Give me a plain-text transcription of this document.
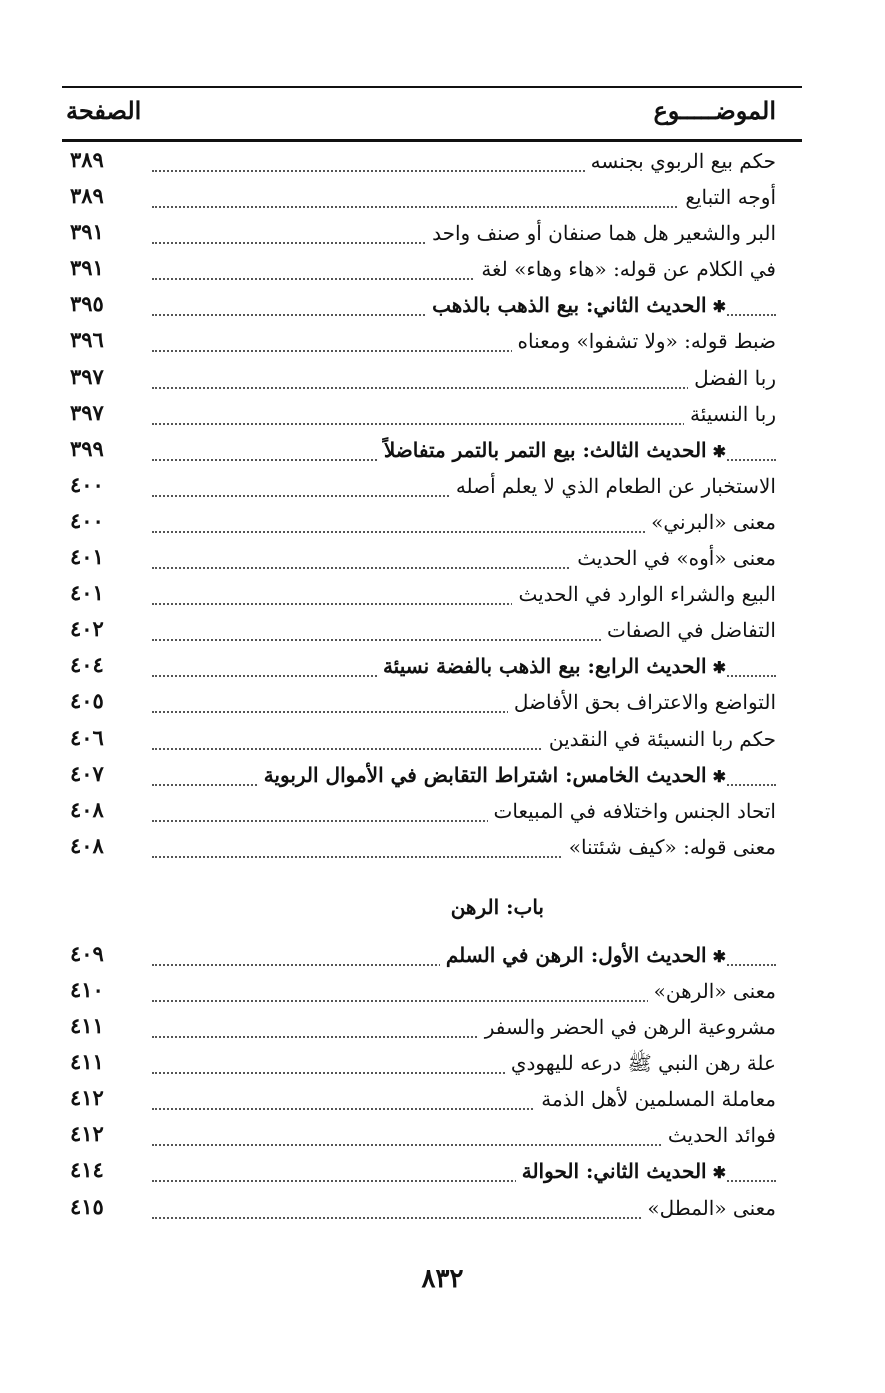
الموضـــــوع
الصفحة
حكم بيع الربوي بجنسه
٣٨٩
أوجه التبايع
٣٨٩
البر والشعير هل هما صنفان أو صنف واحد
٣٩١
في الكلام عن قوله: «هاء وهاء» لغة
٣٩١
✱الحديث الثاني: بيع الذهب بالذهب
٣٩٥
ضبط قوله: «ولا تشفوا» ومعناه
٣٩٦
ربا الفضل
٣٩٧
ربا النسيئة
٣٩٧
✱الحديث الثالث: بيع التمر بالتمر متفاضلاً
٣٩٩
الاستخبار عن الطعام الذي لا يعلم أصله
٤٠٠
معنى «البرني»
٤٠٠
معنى «أوه» في الحديث
٤٠١
البيع والشراء الوارد في الحديث
٤٠١
التفاضل في الصفات
٤٠٢
✱الحديث الرابع: بيع الذهب بالفضة نسيئة
٤٠٤
التواضع والاعتراف بحق الأفاضل
٤٠٥
حكم ربا النسيئة في النقدين
٤٠٦
✱الحديث الخامس: اشتراط التقابض في الأموال الربوية
٤٠٧
اتحاد الجنس واختلافه في المبيعات
٤٠٨
معنى قوله: «كيف شئتنا»
٤٠٨
باب: الرهن
✱الحديث الأول: الرهن في السلم
٤٠٩
معنى «الرهن»
٤١٠
مشروعية الرهن في الحضر والسفر
٤١١
علة رهن النبي ﷺ درعه لليهودي
٤١١
معاملة المسلمين لأهل الذمة
٤١٢
فوائد الحديث
٤١٢
✱الحديث الثاني: الحوالة
٤١٤
معنى «المطل»
٤١٥
٨٣٢
